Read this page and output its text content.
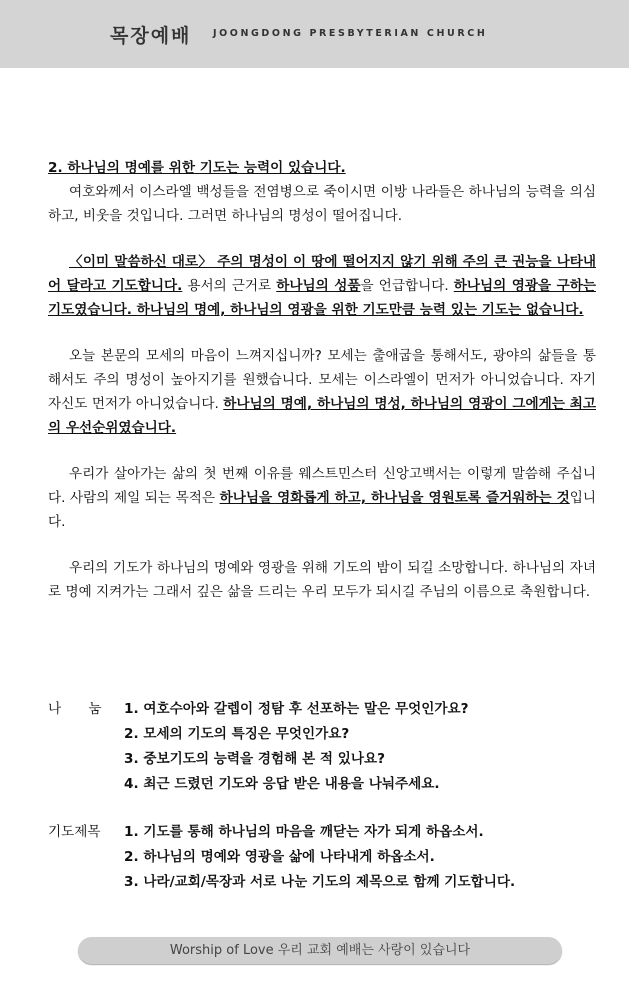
목장예배 JOONGDONG PRESBYTERIAN CHURCH

2. 하나님의 명예를 위한 기도는 능력이 있습니다.

여호와께서 이스라엘 백성들을 전염병으로 죽이시면 이방 나라들은 하나님의 능력을 의심하고, 비웃을 것입니다. 그러면 하나님의 명성이 떨어집니다.

〈이미 말씀하신 대로〉 주의 명성이 이 땅에 떨어지지 않기 위해 주의 큰 권능을 나타내어 달라고 기도합니다. 용서의 근거로 하나님의 성품을 언급합니다. 하나님의 영광을 구하는 기도였습니다. 하나님의 명예, 하나님의 영광을 위한 기도만큼 능력 있는 기도는 없습니다.

오늘 본문의 모세의 마음이 느껴지십니까? 모세는 출애굽을 통해서도, 광야의 삶들을 통해서도 주의 명성이 높아지기를 원했습니다. 모세는 이스라엘이 먼저가 아니었습니다. 자기 자신도 먼저가 아니었습니다. 하나님의 명예, 하나님의 명성, 하나님의 영광이 그에게는 최고의 우선순위였습니다.

우리가 살아가는 삶의 첫 번째 이유를 웨스트민스터 신앙고백서는 이렇게 말씀해 주십니다. 사람의 제일 되는 목적은 하나님을 영화롭게 하고, 하나님을 영원토록 즐거워하는 것입니다.

우리의 기도가 하나님의 명예와 영광을 위해 기도의 밤이 되길 소망합니다. 하나님의 자녀로 명예 지켜가는 그래서 깊은 삶을 드리는 우리 모두가 되시길 주님의 이름으로 축원합니다.

나　　눔 1. 여호수아와 갈렙이 정탐 후 선포하는 말은 무엇인가요?
2. 모세의 기도의 특징은 무엇인가요?
3. 중보기도의 능력을 경험해 본 적 있나요?
4. 최근 드렸던 기도와 응답 받은 내용을 나눠주세요.
기도제목 1. 기도를 통해 하나님의 마음을 깨닫는 자가 되게 하옵소서.
2. 하나님의 명예와 영광을 삶에 나타내게 하옵소서.
3. 나라/교회/목장과 서로 나눈 기도의 제목으로 함께 기도합니다.
Worship of Love 우리 교회 예배는 사랑이 있습니다
